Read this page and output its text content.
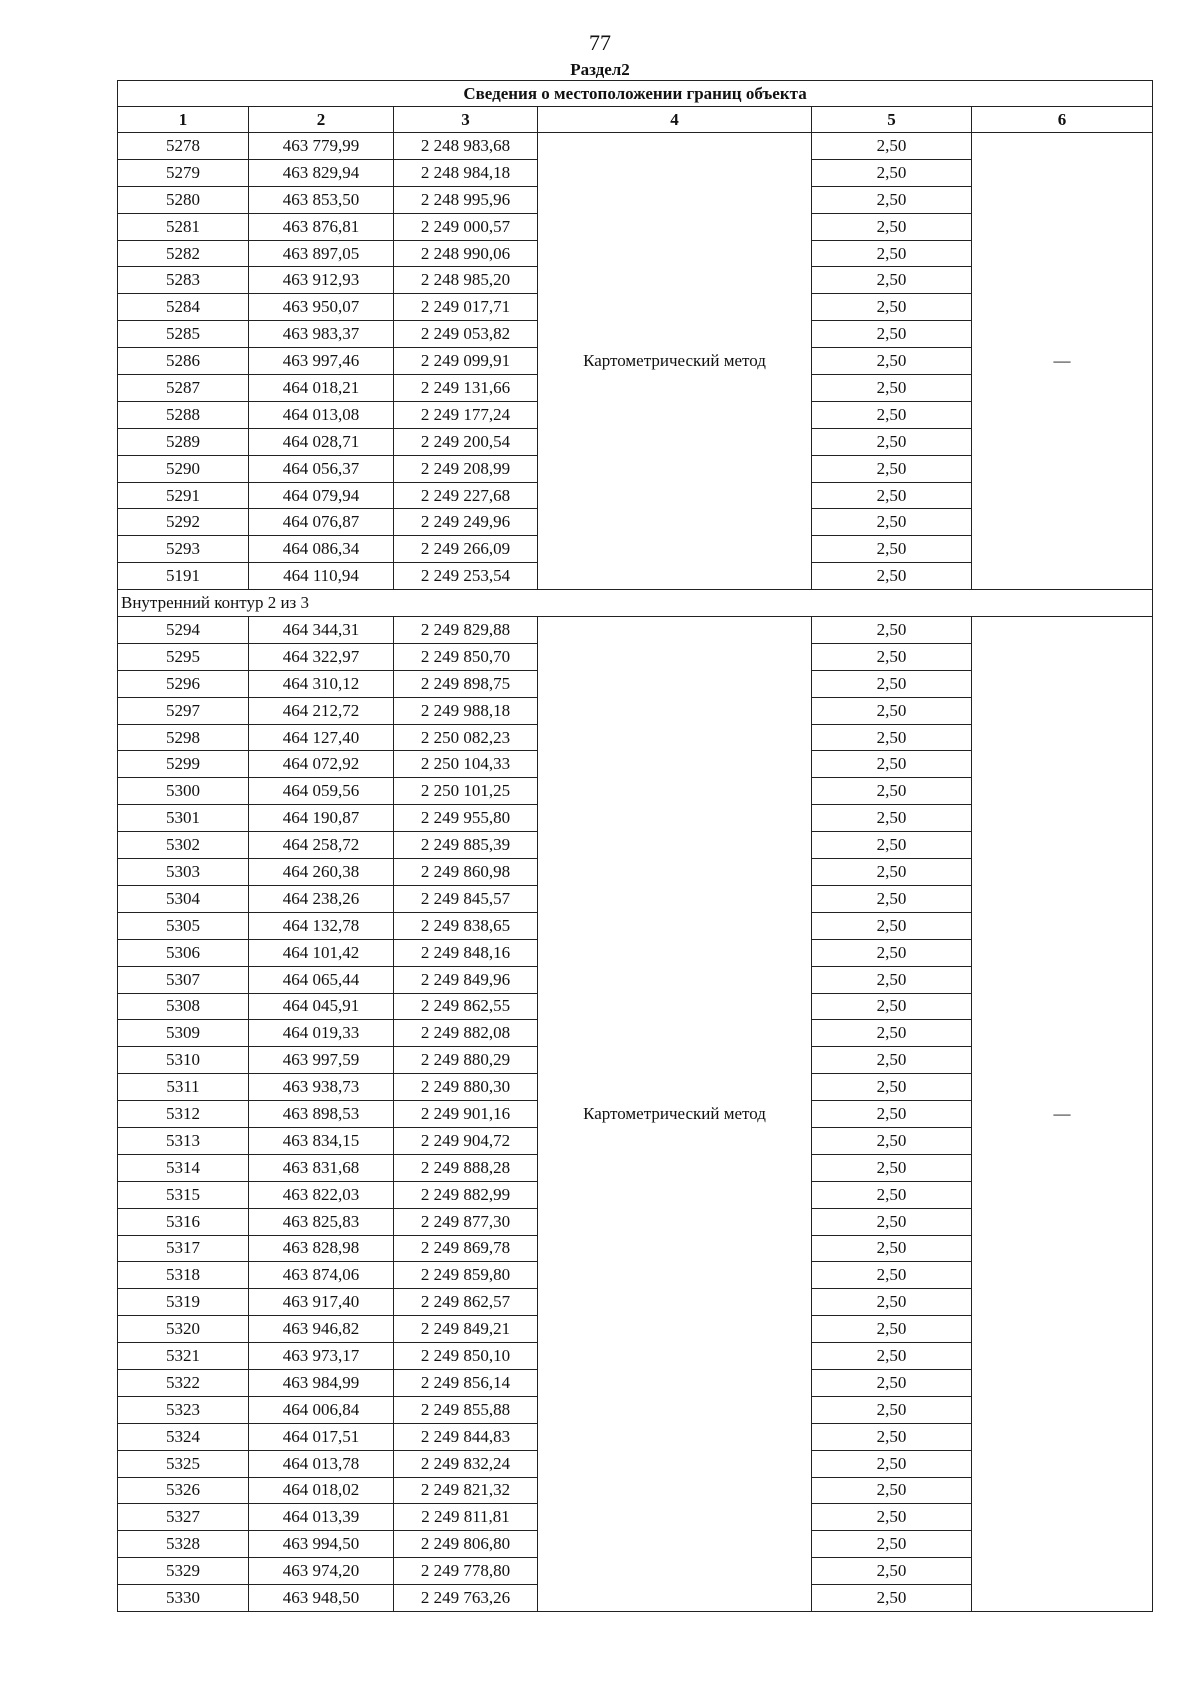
77
Раздел2
Сведения о местоположении границ объекта					
1	2	3	4	5	6
5278	463 779,99	2 248 983,68	Картометрический метод	2,50	—
5279	463 829,94	2 248 984,18		2,50	
5280	463 853,50	2 248 995,96		2,50	
5281	463 876,81	2 249 000,57		2,50	
5282	463 897,05	2 248 990,06		2,50	
5283	463 912,93	2 248 985,20		2,50	
5284	463 950,07	2 249 017,71		2,50	
5285	463 983,37	2 249 053,82		2,50	
5286	463 997,46	2 249 099,91		2,50	
5287	464 018,21	2 249 131,66		2,50	
5288	464 013,08	2 249 177,24		2,50	
5289	464 028,71	2 249 200,54		2,50	
5290	464 056,37	2 249 208,99		2,50	
5291	464 079,94	2 249 227,68		2,50	
5292	464 076,87	2 249 249,96		2,50	
5293	464 086,34	2 249 266,09		2,50	
5191	464 110,94	2 249 253,54		2,50	
Внутренний контур 2 из 3					
5294	464 344,31	2 249 829,88	Картометрический метод	2,50	—
5295	464 322,97	2 249 850,70		2,50	
5296	464 310,12	2 249 898,75		2,50	
5297	464 212,72	2 249 988,18		2,50	
5298	464 127,40	2 250 082,23		2,50	
5299	464 072,92	2 250 104,33		2,50	
5300	464 059,56	2 250 101,25		2,50	
5301	464 190,87	2 249 955,80		2,50	
5302	464 258,72	2 249 885,39		2,50	
5303	464 260,38	2 249 860,98		2,50	
5304	464 238,26	2 249 845,57		2,50	
5305	464 132,78	2 249 838,65		2,50	
5306	464 101,42	2 249 848,16		2,50	
5307	464 065,44	2 249 849,96		2,50	
5308	464 045,91	2 249 862,55		2,50	
5309	464 019,33	2 249 882,08		2,50	
5310	463 997,59	2 249 880,29		2,50	
5311	463 938,73	2 249 880,30		2,50	
5312	463 898,53	2 249 901,16		2,50	
5313	463 834,15	2 249 904,72		2,50	
5314	463 831,68	2 249 888,28		2,50	
5315	463 822,03	2 249 882,99		2,50	
5316	463 825,83	2 249 877,30		2,50	
5317	463 828,98	2 249 869,78		2,50	
5318	463 874,06	2 249 859,80		2,50	
5319	463 917,40	2 249 862,57		2,50	
5320	463 946,82	2 249 849,21		2,50	
5321	463 973,17	2 249 850,10		2,50	
5322	463 984,99	2 249 856,14		2,50	
5323	464 006,84	2 249 855,88		2,50	
5324	464 017,51	2 249 844,83		2,50	
5325	464 013,78	2 249 832,24		2,50	
5326	464 018,02	2 249 821,32		2,50	
5327	464 013,39	2 249 811,81		2,50	
5328	463 994,50	2 249 806,80		2,50	
5329	463 974,20	2 249 778,80		2,50	
5330	463 948,50	2 249 763,26		2,50	
